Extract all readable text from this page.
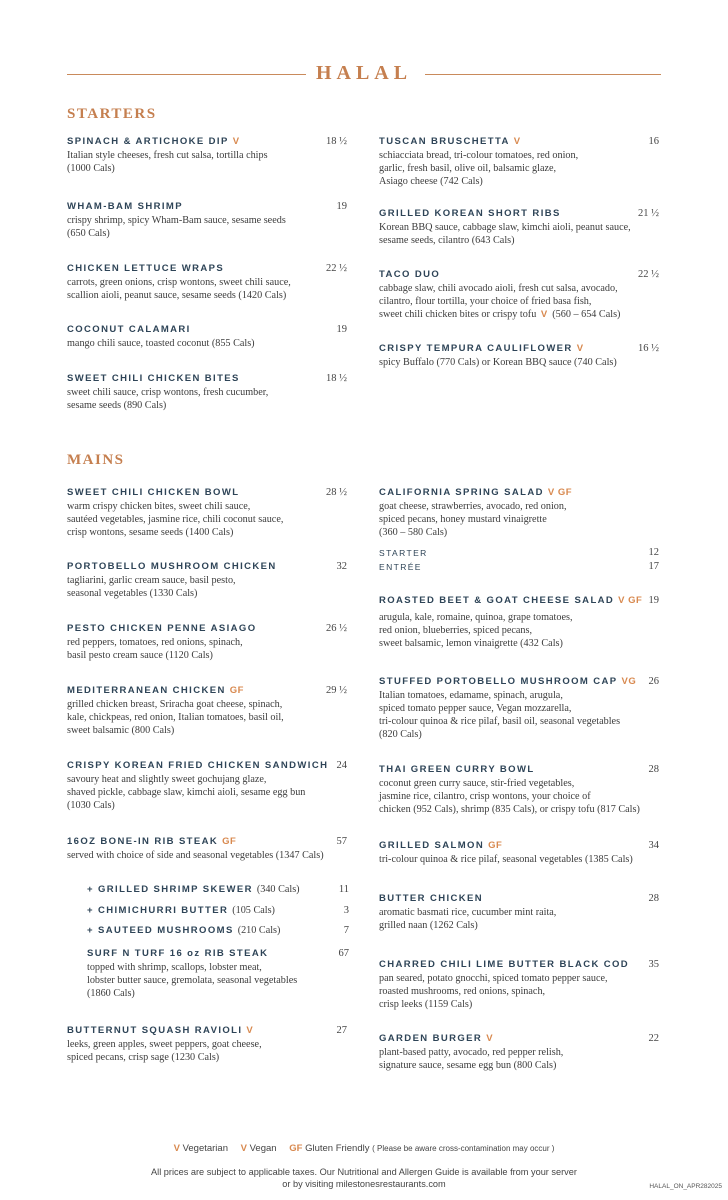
HALAL
STARTERS
SPINACH & ARTICHOKE DIP V	18 ½
Italian style cheeses, fresh cut salsa, tortilla chips
(1000 Cals)
WHAM-BAM SHRIMP	19
crispy shrimp, spicy Wham-Bam sauce, sesame seeds
(650 Cals)
CHICKEN LETTUCE WRAPS	22 ½
carrots, green onions, crisp wontons, sweet chili sauce,
scallion aioli, peanut sauce, sesame seeds (1420 Cals)
COCONUT CALAMARI	19
mango chili sauce, toasted coconut (855 Cals)
SWEET CHILI CHICKEN BITES	18 ½
sweet chili sauce, crisp wontons, fresh cucumber,
sesame seeds (890 Cals)
TUSCAN BRUSCHETTA V	16
schiacciata bread, tri-colour tomatoes, red onion,
garlic, fresh basil, olive oil, balsamic glaze,
Asiago cheese (742 Cals)
GRILLED KOREAN SHORT RIBS	21 ½
Korean BBQ sauce, cabbage slaw, kimchi aioli, peanut sauce,
sesame seeds, cilantro (643 Cals)
TACO DUO	22 ½
cabbage slaw, chili avocado aioli, fresh cut salsa, avocado,
cilantro, flour tortilla, your choice of fried basa fish,
sweet chili chicken bites or crispy tofu V (560 – 654 Cals)
CRISPY TEMPURA CAULIFLOWER V	16 ½
spicy Buffalo (770 Cals) or Korean BBQ sauce (740 Cals)
MAINS
SWEET CHILI CHICKEN BOWL	28 ½
warm crispy chicken bites, sweet chili sauce,
sautéed vegetables, jasmine rice, chili coconut sauce,
crisp wontons, sesame seeds (1400 Cals)
PORTOBELLO MUSHROOM CHICKEN	32
tagliarini, garlic cream sauce, basil pesto,
seasonal vegetables (1330 Cals)
PESTO CHICKEN PENNE ASIAGO	26 ½
red peppers, tomatoes, red onions, spinach,
basil pesto cream sauce (1120 Cals)
MEDITERRANEAN CHICKEN GF	29 ½
grilled chicken breast, Sriracha goat cheese, spinach,
kale, chickpeas, red onion, Italian tomatoes, basil oil,
sweet balsamic (800 Cals)
CRISPY KOREAN FRIED CHICKEN SANDWICH 24
savoury heat and slightly sweet gochujang glaze,
shaved pickle, cabbage slaw, kimchi aioli, sesame egg bun
(1030 Cals)
16OZ BONE-IN RIB STEAK GF	57
served with choice of side and seasonal vegetables (1347 Cals)
+ GRILLED SHRIMP SKEWER (340 Cals)	11
+ CHIMICHURRI BUTTER (105 Cals)	3
+ SAUTEED MUSHROOMS (210 Cals)	7
SURF N TURF 16 oz RIB STEAK	67
topped with shrimp, scallops, lobster meat,
lobster butter sauce, gremolata, seasonal vegetables
(1860 Cals)
BUTTERNUT SQUASH RAVIOLI V	27
leeks, green apples, sweet peppers, goat cheese,
spiced pecans, crisp sage (1230 Cals)
CALIFORNIA SPRING SALAD V GF
goat cheese, strawberries, avocado, red onion,
spiced pecans, honey mustard vinaigrette
(360 – 580 Cals)
STARTER	12
ENTRÉE	17
ROASTED BEET & GOAT CHEESE SALAD V GF 19
arugula, kale, romaine, quinoa, grape tomatoes,
red onion, blueberries, spiced pecans,
sweet balsamic, lemon vinaigrette (432 Cals)
STUFFED PORTOBELLO MUSHROOM CAP VG	26
Italian tomatoes, edamame, spinach, arugula,
spiced tomato pepper sauce, Vegan mozzarella,
tri-colour quinoa & rice pilaf, basil oil, seasonal vegetables
(820 Cals)
THAI GREEN CURRY BOWL	28
coconut green curry sauce, stir-fried vegetables,
jasmine rice, cilantro, crisp wontons, your choice of
chicken (952 Cals), shrimp (835 Cals), or crispy tofu (817 Cals)
GRILLED SALMON GF	34
tri-colour quinoa & rice pilaf, seasonal vegetables (1385 Cals)
BUTTER CHICKEN	28
aromatic basmati rice, cucumber mint raita,
grilled naan (1262 Cals)
CHARRED CHILI LIME BUTTER BLACK COD	35
pan seared, potato gnocchi, spiced tomato pepper sauce,
roasted mushrooms, red onions, spinach,
crisp leeks (1159 Cals)
GARDEN BURGER V	22
plant-based patty, avocado, red pepper relish,
signature sauce, sesame egg bun (800 Cals)
V Vegetarian V Vegan GF Gluten Friendly ( Please be aware cross-contamination may occur )
All prices are subject to applicable taxes. Our Nutritional and Allergen Guide is available from your server
or by visiting milestonesrestaurants.com	HALAL_ON_APR282025
